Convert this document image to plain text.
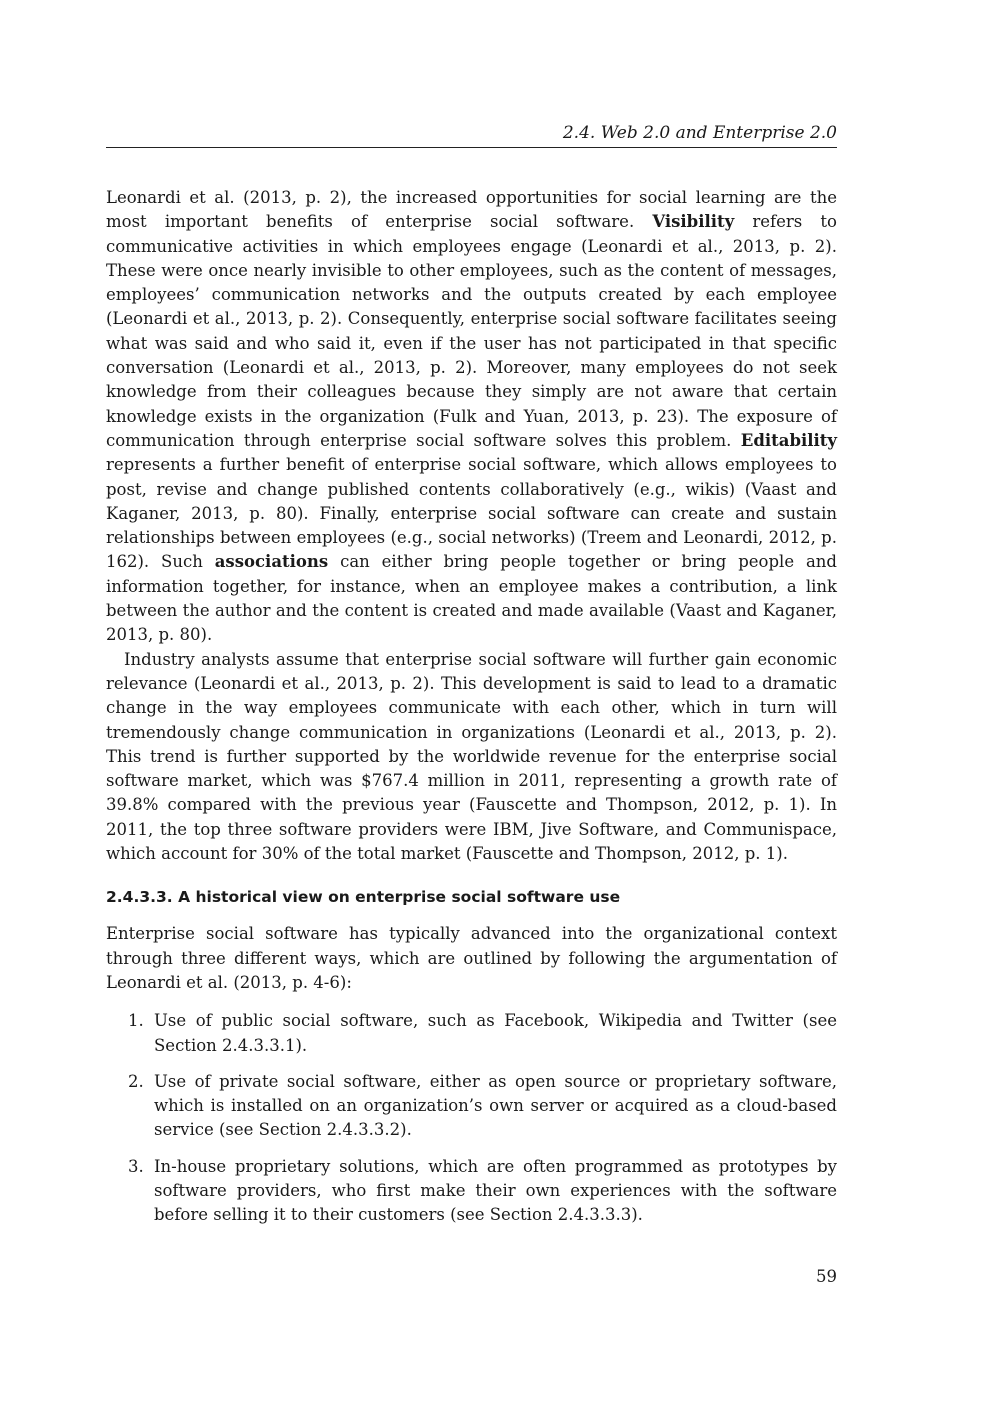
2.4. Web 2.0 and Enterprise 2.0

Leonardi et al. (2013, p. 2), the increased opportunities for social learning are the most important benefits of enterprise social software. Visibility refers to communicative activities in which employees engage (Leonardi et al., 2013, p. 2). These were once nearly invisible to other employees, such as the content of messages, employees’ communication networks and the outputs created by each employee (Leonardi et al., 2013, p. 2). Consequently, enterprise social software facilitates seeing what was said and who said it, even if the user has not participated in that specific conversation (Leonardi et al., 2013, p. 2). Moreover, many employees do not seek knowledge from their colleagues because they simply are not aware that certain knowledge exists in the organization (Fulk and Yuan, 2013, p. 23). The exposure of communication through enterprise social software solves this problem. Editability represents a further benefit of enterprise social software, which allows employees to post, revise and change published contents collaboratively (e.g., wikis) (Vaast and Kaganer, 2013, p. 80). Finally, enterprise social software can create and sustain relationships between employees (e.g., social networks) (Treem and Leonardi, 2012, p. 162). Such associations can either bring people together or bring people and information together, for instance, when an employee makes a contribution, a link between the author and the content is created and made available (Vaast and Kaganer, 2013, p. 80).

Industry analysts assume that enterprise social software will further gain economic relevance (Leonardi et al., 2013, p. 2). This development is said to lead to a dramatic change in the way employees communicate with each other, which in turn will tremendously change communication in organizations (Leonardi et al., 2013, p. 2). This trend is further supported by the worldwide revenue for the enterprise social software market, which was $767.4 million in 2011, representing a growth rate of 39.8% compared with the previous year (Fauscette and Thompson, 2012, p. 1). In 2011, the top three software providers were IBM, Jive Software, and Communispace, which account for 30% of the total market (Fauscette and Thompson, 2012, p. 1).

2.4.3.3. A historical view on enterprise social software use

Enterprise social software has typically advanced into the organizational context through three different ways, which are outlined by following the argumentation of Leonardi et al. (2013, p. 4-6):

1. Use of public social software, such as Facebook, Wikipedia and Twitter (see Section 2.4.3.3.1).
2. Use of private social software, either as open source or proprietary software, which is installed on an organization’s own server or acquired as a cloud-based service (see Section 2.4.3.3.2).
3. In-house proprietary solutions, which are often programmed as prototypes by software providers, who first make their own experiences with the software before selling it to their customers (see Section 2.4.3.3.3).
59
